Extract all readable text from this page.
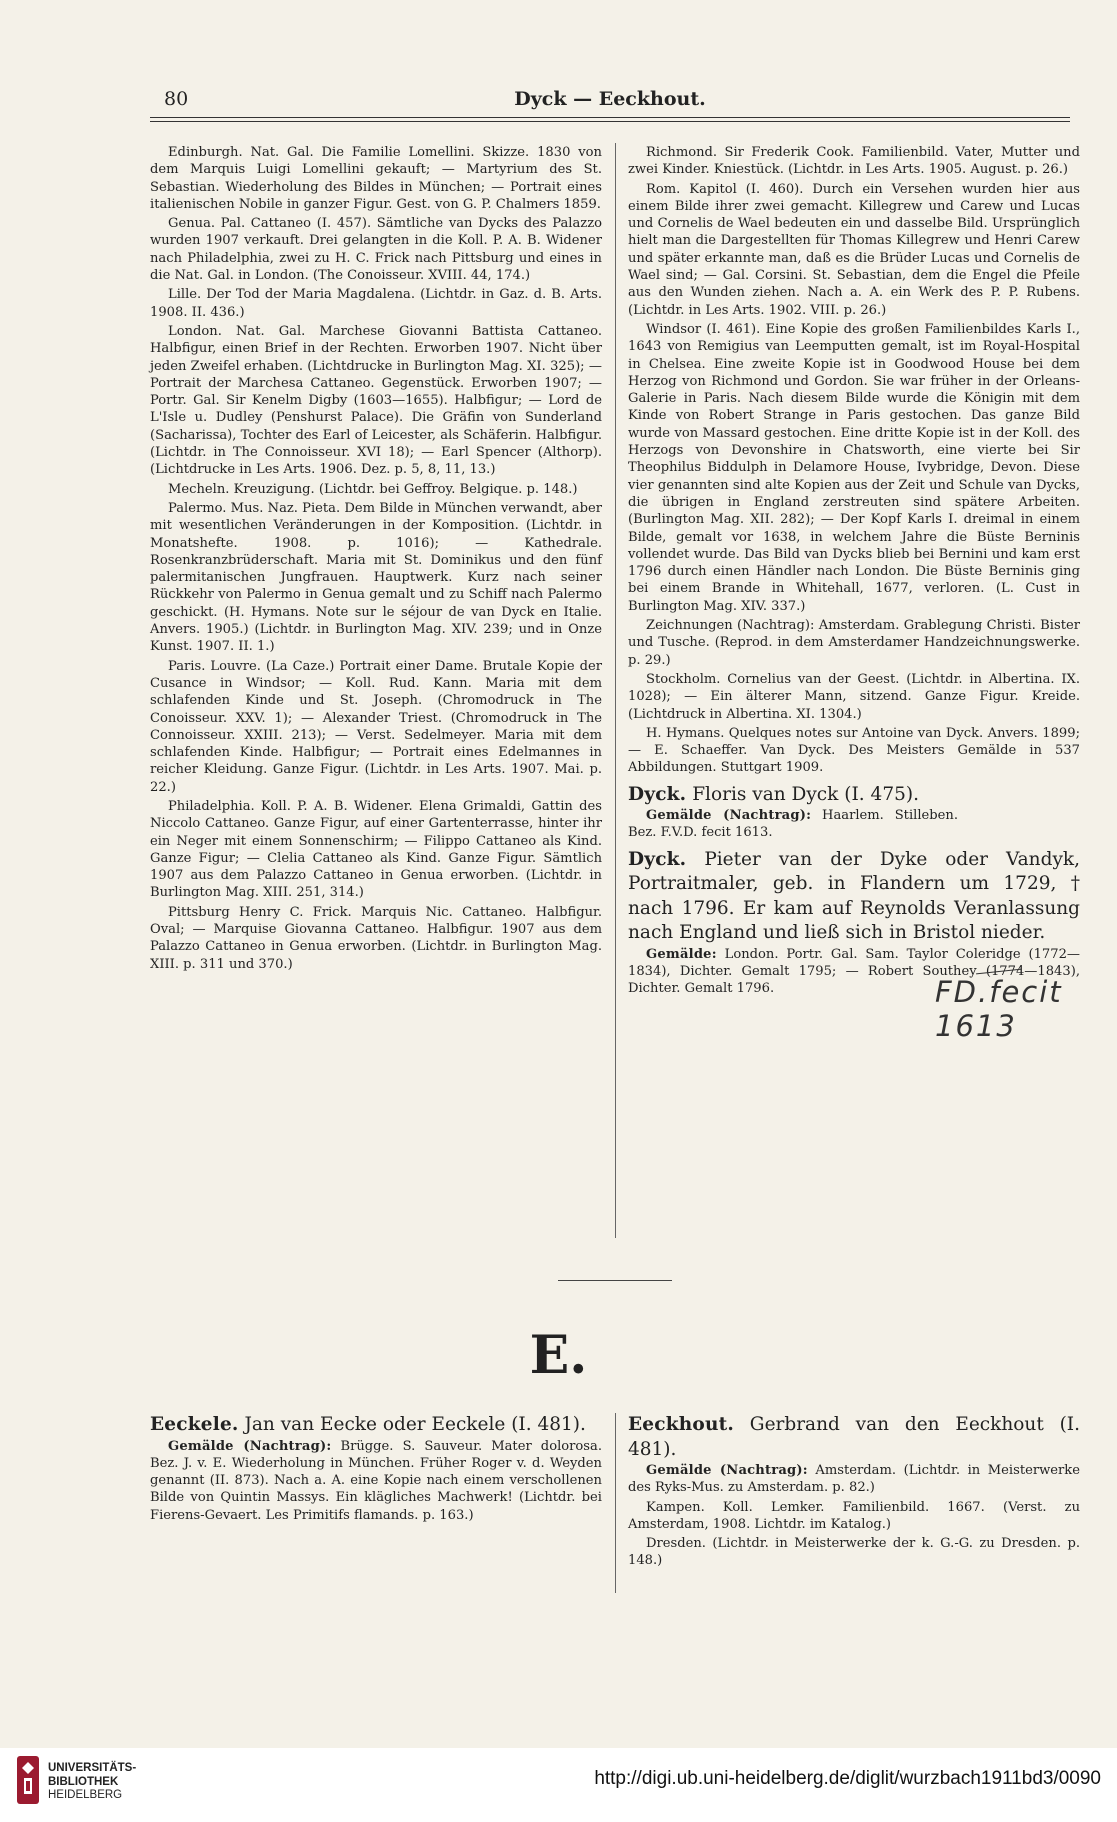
80	Dyck — Eeckhout.

Edinburgh. Nat. Gal. Die Familie Lomellini. Skizze. 1830 von dem Marquis Luigi Lomellini gekauft; — Martyrium des St. Sebastian. Wiederholung des Bildes in München; — Portrait eines italienischen Nobile in ganzer Figur. Gest. von G. P. Chalmers 1859.

Genua. Pal. Cattaneo (I. 457). Sämtliche van Dycks des Palazzo wurden 1907 verkauft. Drei gelangten in die Koll. P. A. B. Widener nach Philadelphia, zwei zu H. C. Frick nach Pittsburg und eines in die Nat. Gal. in London. (The Conoisseur. XVIII. 44, 174.)

Lille. Der Tod der Maria Magdalena. (Lichtdr. in Gaz. d. B. Arts. 1908. II. 436.)

London. Nat. Gal. Marchese Giovanni Battista Cattaneo. Halbfigur, einen Brief in der Rechten. Erworben 1907. Nicht über jeden Zweifel erhaben. (Lichtdrucke in Burlington Mag. XI. 325); — Portrait der Marchesa Cattaneo. Gegenstück. Erworben 1907; — Portr. Gal. Sir Kenelm Digby (1603—1655). Halbfigur; — Lord de L'Isle u. Dudley (Penshurst Palace). Die Gräfin von Sunderland (Sacharissa), Tochter des Earl of Leicester, als Schäferin. Halbfigur. (Lichtdr. in The Connoisseur. XVI 18); — Earl Spencer (Althorp). (Lichtdrucke in Les Arts. 1906. Dez. p. 5, 8, 11, 13.)

Mecheln. Kreuzigung. (Lichtdr. bei Geffroy. Belgique. p. 148.)

Palermo. Mus. Naz. Pieta. Dem Bilde in München verwandt, aber mit wesentlichen Veränderungen in der Komposition. (Lichtdr. in Monatshefte. 1908. p. 1016); — Kathedrale. Rosenkranzbrüderschaft. Maria mit St. Dominikus und den fünf palermitanischen Jungfrauen. Hauptwerk. Kurz nach seiner Rückkehr von Palermo in Genua gemalt und zu Schiff nach Palermo geschickt. (H. Hymans. Note sur le séjour de van Dyck en Italie. Anvers. 1905.) (Lichtdr. in Burlington Mag. XIV. 239; und in Onze Kunst. 1907. II. 1.)

Paris. Louvre. (La Caze.) Portrait einer Dame. Brutale Kopie der Cusance in Windsor; — Koll. Rud. Kann. Maria mit dem schlafenden Kinde und St. Joseph. (Chromodruck in The Conoisseur. XXV. 1); — Alexander Triest. (Chromodruck in The Connoisseur. XXIII. 213); — Verst. Sedelmeyer. Maria mit dem schlafenden Kinde. Halbfigur; — Portrait eines Edelmannes in reicher Kleidung. Ganze Figur. (Lichtdr. in Les Arts. 1907. Mai. p. 22.)

Philadelphia. Koll. P. A. B. Widener. Elena Grimaldi, Gattin des Niccolo Cattaneo. Ganze Figur, auf einer Gartenterrasse, hinter ihr ein Neger mit einem Sonnenschirm; — Filippo Cattaneo als Kind. Ganze Figur; — Clelia Cattaneo als Kind. Ganze Figur. Sämtlich 1907 aus dem Palazzo Cattaneo in Genua erworben. (Lichtdr. in Burlington Mag. XIII. 251, 314.)

Pittsburg Henry C. Frick. Marquis Nic. Cattaneo. Halbfigur. Oval; — Marquise Giovanna Cattaneo. Halbfigur. 1907 aus dem Palazzo Cattaneo in Genua erworben. (Lichtdr. in Burlington Mag. XIII. p. 311 und 370.)

Richmond. Sir Frederik Cook. Familienbild. Vater, Mutter und zwei Kinder. Kniestück. (Lichtdr. in Les Arts. 1905. August. p. 26.)

Rom. Kapitol (I. 460). Durch ein Versehen wurden hier aus einem Bilde ihrer zwei gemacht. Killegrew und Carew und Lucas und Cornelis de Wael bedeuten ein und dasselbe Bild. Ursprünglich hielt man die Dargestellten für Thomas Killegrew und Henri Carew und später erkannte man, daß es die Brüder Lucas und Cornelis de Wael sind; — Gal. Corsini. St. Sebastian, dem die Engel die Pfeile aus den Wunden ziehen. Nach a. A. ein Werk des P. P. Rubens. (Lichtdr. in Les Arts. 1902. VIII. p. 26.)

Windsor (I. 461). Eine Kopie des großen Familienbildes Karls I., 1643 von Remigius van Leemputten gemalt, ist im Royal-Hospital in Chelsea. Eine zweite Kopie ist in Goodwood House bei dem Herzog von Richmond und Gordon. Sie war früher in der Orleans-Galerie in Paris. Nach diesem Bilde wurde die Königin mit dem Kinde von Robert Strange in Paris gestochen. Das ganze Bild wurde von Massard gestochen. Eine dritte Kopie ist in der Koll. des Herzogs von Devonshire in Chatsworth, eine vierte bei Sir Theophilus Biddulph in Delamore House, Ivybridge, Devon. Diese vier genannten sind alte Kopien aus der Zeit und Schule van Dycks, die übrigen in England zerstreuten sind spätere Arbeiten. (Burlington Mag. XII. 282); — Der Kopf Karls I. dreimal in einem Bilde, gemalt vor 1638, in welchem Jahre die Büste Berninis vollendet wurde. Das Bild van Dycks blieb bei Bernini und kam erst 1796 durch einen Händler nach London. Die Büste Berninis ging bei einem Brande in Whitehall, 1677, verloren. (L. Cust in Burlington Mag. XIV. 337.)

Zeichnungen (Nachtrag): Amsterdam. Grablegung Christi. Bister und Tusche. (Reprod. in dem Amsterdamer Handzeichnungswerke. p. 29.)

Stockholm. Cornelius van der Geest. (Lichtdr. in Albertina. IX. 1028); — Ein älterer Mann, sitzend. Ganze Figur. Kreide. (Lichtdruck in Albertina. XI. 1304.)

H. Hymans. Quelques notes sur Antoine van Dyck. Anvers. 1899; — E. Schaeffer. Van Dyck. Des Meisters Gemälde in 537 Abbildungen. Stuttgart 1909.

Dyck. Floris van Dyck (I. 475).

Gemälde (Nachtrag): Haarlem. Stilleben. Bez. F.V.D. fecit 1613.

Dyck. Pieter van der Dyke oder Vandyk, Portraitmaler, geb. in Flandern um 1729, † nach 1796. Er kam auf Reynolds Veranlassung nach England und ließ sich in Bristol nieder.

Gemälde: London. Portr. Gal. Sam. Taylor Coleridge (1772—1834), Dichter. Gemalt 1795; — Robert Southey (1774—1843), Dichter. Gemalt 1796.	FD.fecit 1613
E.

Eeckele. Jan van Eecke oder Eeckele (I. 481).

Gemälde (Nachtrag): Brügge. S. Sauveur. Mater dolorosa. Bez. J. v. E. Wiederholung in München. Früher Roger v. d. Weyden genannt (II. 873). Nach a. A. eine Kopie nach einem verschollenen Bilde von Quintin Massys. Ein klägliches Machwerk! (Lichtdr. bei Fierens-Gevaert. Les Primitifs flamands. p. 163.)

Eeckhout. Gerbrand van den Eeckhout (I. 481).

Gemälde (Nachtrag): Amsterdam. (Lichtdr. in Meisterwerke des Ryks-Mus. zu Amsterdam. p. 82.)

Kampen. Koll. Lemker. Familienbild. 1667. (Verst. zu Amsterdam, 1908. Lichtdr. im Katalog.)

Dresden. (Lichtdr. in Meisterwerke der k. G.-G. zu Dresden. p. 148.)

UNIVERSITÄTS-
BIBLIOTHEK
HEIDELBERG
http://digi.ub.uni-heidelberg.de/diglit/wurzbach1911bd3/0090
